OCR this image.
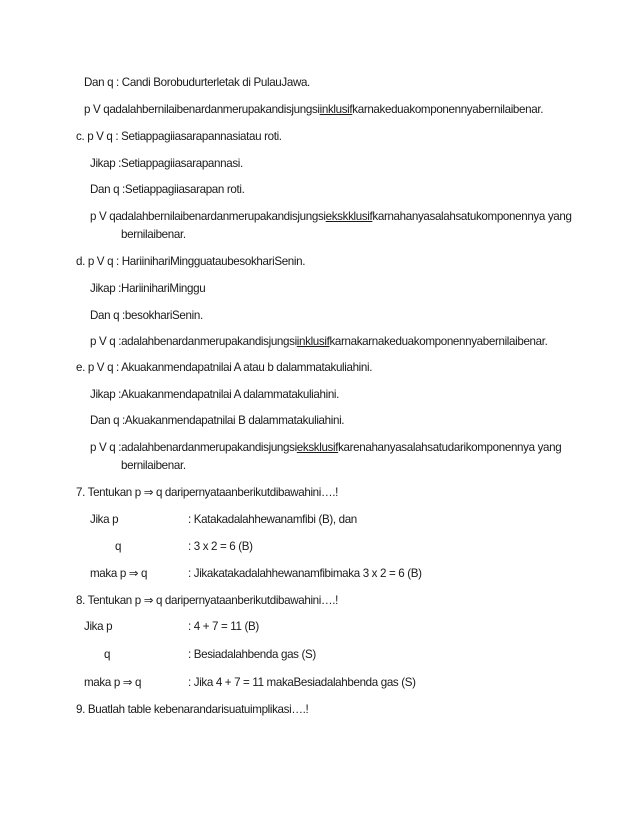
Dan q : Candi Borobudurterletak di PulauJawa.
p V qadalahbernilaibenardanmerupakandisjungsiinklusifkarnakeduakomponennyabernilaibenar.
c. p V q : Setiappagiiasarapannasiatau roti.
Jikap :Setiappagiiasarapannasi.
Dan q :Setiappagiiasarapan roti.
p V qadalahbernilaibenardanmerupakandisjungsiekskklusifkarnahanyasalahsatukomponennya yang
bernilaibenar.
d. p V q : HariinihariMingguataubesokhariSenin.
Jikap :HariinihariMinggu
Dan q :besokhariSenin.
p V q :adalahbenardanmerupakandisjungsiinklusifkarnakarnakeduakomponennyabernilaibenar.
e. p V q : Akuakanmendapatnilai A atau b dalammatakuliahini.
Jikap :Akuakanmendapatnilai A dalammatakuliahini.
Dan q :Akuakanmendapatnilai B dalammatakuliahini.
p V q :adalahbenardanmerupakandisjungsieksklusifkarenahanyasalahsatudarikomponennya yang
bernilaibenar.
7. Tentukan p ⇒ q daripernyataanberikutdibawahini….!
Jika p	: Katakadalahhewanamfibi (B), dan
q	: 3 x 2 = 6 (B)
maka p ⇒ q	: Jikakatakadalahhewanamfibimaka 3 x 2 = 6 (B)
8. Tentukan p ⇒ q daripernyataanberikutdibawahini….!
Jika p	: 4 + 7 = 11 (B)
q	: Besiadalahbenda gas (S)
maka p ⇒ q	: Jika 4 + 7 = 11 makaBesiadalahbenda gas (S)
9. Buatlah table kebenarandarisuatuimplikasi….!
